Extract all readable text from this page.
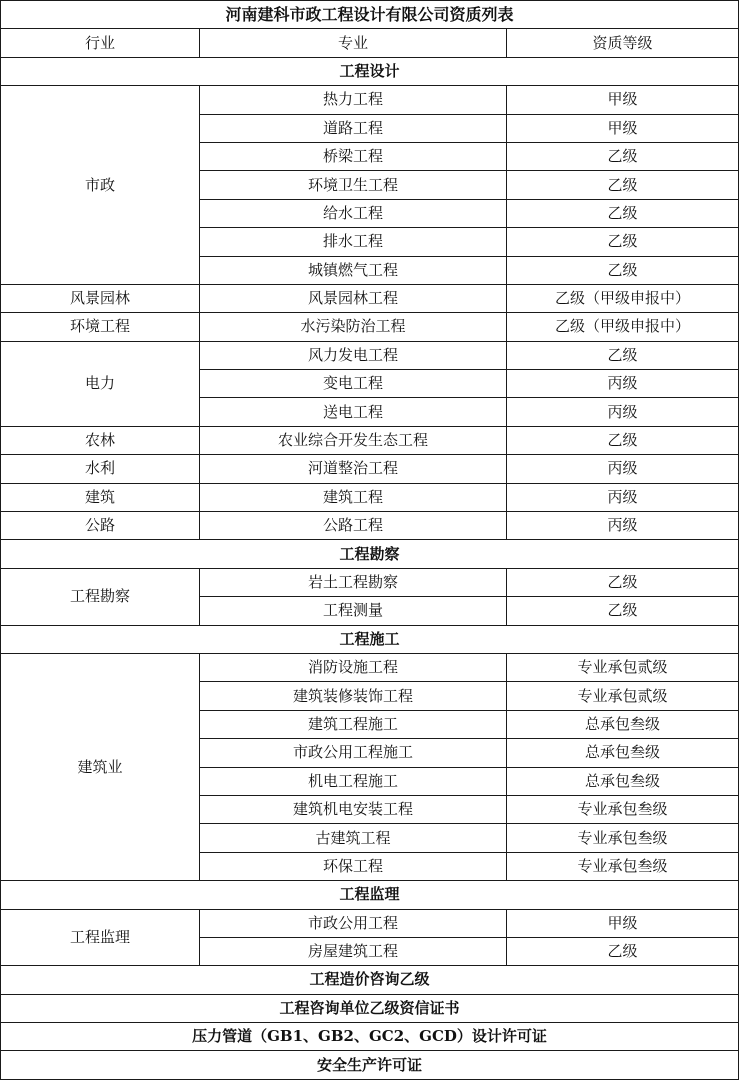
河南建科市政工程设计有限公司资质列表
行业	专业	资质等级
工程设计
市政
热力工程	甲级
道路工程	甲级
桥梁工程	乙级
环境卫生工程	乙级
给水工程	乙级
排水工程	乙级
城镇燃气工程	乙级
风景园林	风景园林工程	乙级（甲级申报中）
环境工程	水污染防治工程	乙级（甲级申报中）
电力
风力发电工程	乙级
变电工程	丙级
送电工程	丙级
农林	农业综合开发生态工程	乙级
水利	河道整治工程	丙级
建筑	建筑工程	丙级
公路	公路工程	丙级
工程勘察
工程勘察
岩土工程勘察	乙级
工程测量	乙级
工程施工
建筑业
消防设施工程	专业承包贰级
建筑装修装饰工程	专业承包贰级
建筑工程施工	总承包叁级
市政公用工程施工	总承包叁级
机电工程施工	总承包叁级
建筑机电安装工程	专业承包叁级
古建筑工程	专业承包叁级
环保工程	专业承包叁级
工程监理
工程监理
市政公用工程	甲级
房屋建筑工程	乙级
工程造价咨询乙级
工程咨询单位乙级资信证书
压力管道（GB1、GB2、GC2、GCD）设计许可证
安全生产许可证
